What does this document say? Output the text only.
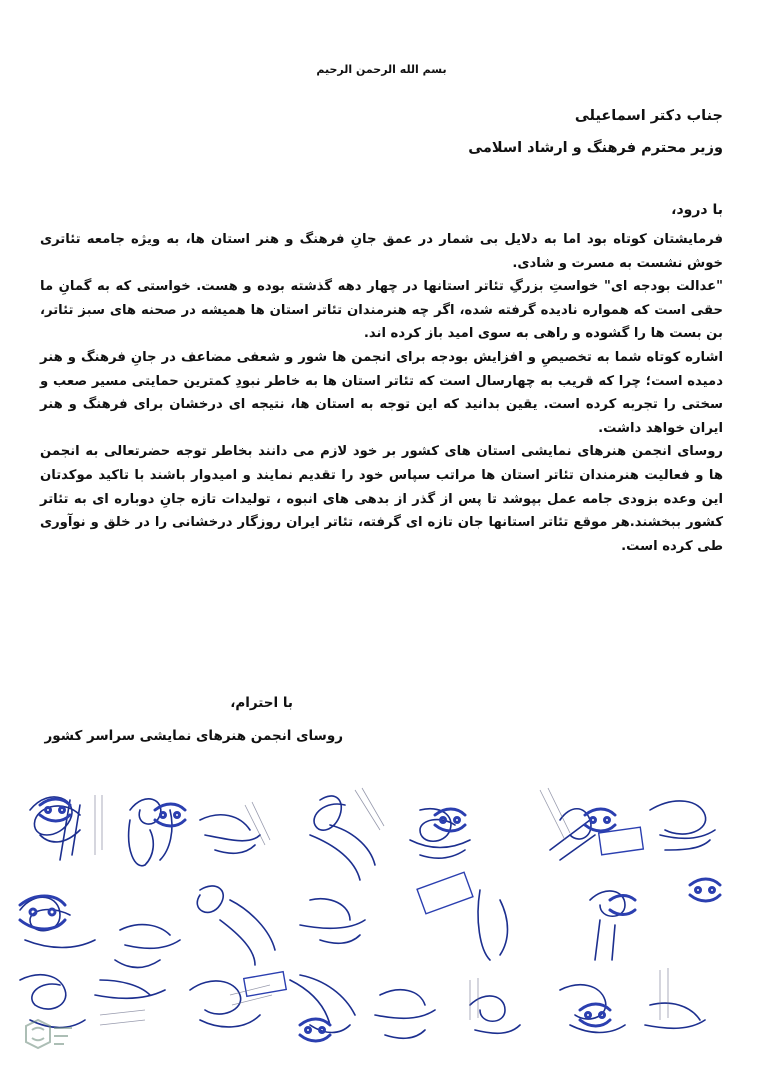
بسم الله الرحمن الرحیم
جناب دکتر اسماعیلی
وزیر محترم فرهنگ و ارشاد اسلامی
با درود،

فرمایشتان کوتاه بود اما به دلایل بی شمار در عمق جانِ فرهنگ و هنر استان ها، به ویژه جامعه تئاتری خوش نشست به مسرت و شادی.

"عدالت بودجه ای" خواستِ بزرگِ تئاتر استانها در چهار دهه گذشته بوده و هست. خواستی که به گمانِ ما حقی است که همواره نادیده گرفته شده، اگر چه هنرمندان تئاتر استان ها همیشه در صحنه های سبز تئاتر، بن بست ها را گشوده و راهی به سوی امید باز کرده اند.

اشاره کوتاه شما به تخصیصِ و افزایش بودجه برای انجمن ها شور و شعفی مضاعف در جانِ فرهنگ و هنر دمیده است؛ چرا که قریب به چهارسال است که تئاتر استان ها به خاطر نبودِ کمترین حمایتی مسیر صعب و سختی را تجربه کرده است. یقین بدانید که این توجه به استان ها، نتیجه ای درخشان برای فرهنگ و هنر ایران خواهد داشت.

روسای انجمن هنرهای نمایشی استان های کشور بر خود لازم می دانند بخاطر توجه حضرتعالی به انجمن ها و فعالیت هنرمندان تئاتر استان ها مراتب سپاس خود را تقدیم نمایند و امیدوار باشند با تاکید موکدتان این وعده بزودی جامه عمل بپوشد تا پس از گذر از بدهی های انبوه ، تولیدات تازه جانِ دوباره ای به تئاتر کشور ببخشند.هر موقع تئاتر استانها جان تازه ای گرفته، تئاتر ایران روزگار درخشانی را در خلق و نوآوری طی کرده است.

با احترام،
روسای انجمن هنرهای نمایشی سراسر کشور
